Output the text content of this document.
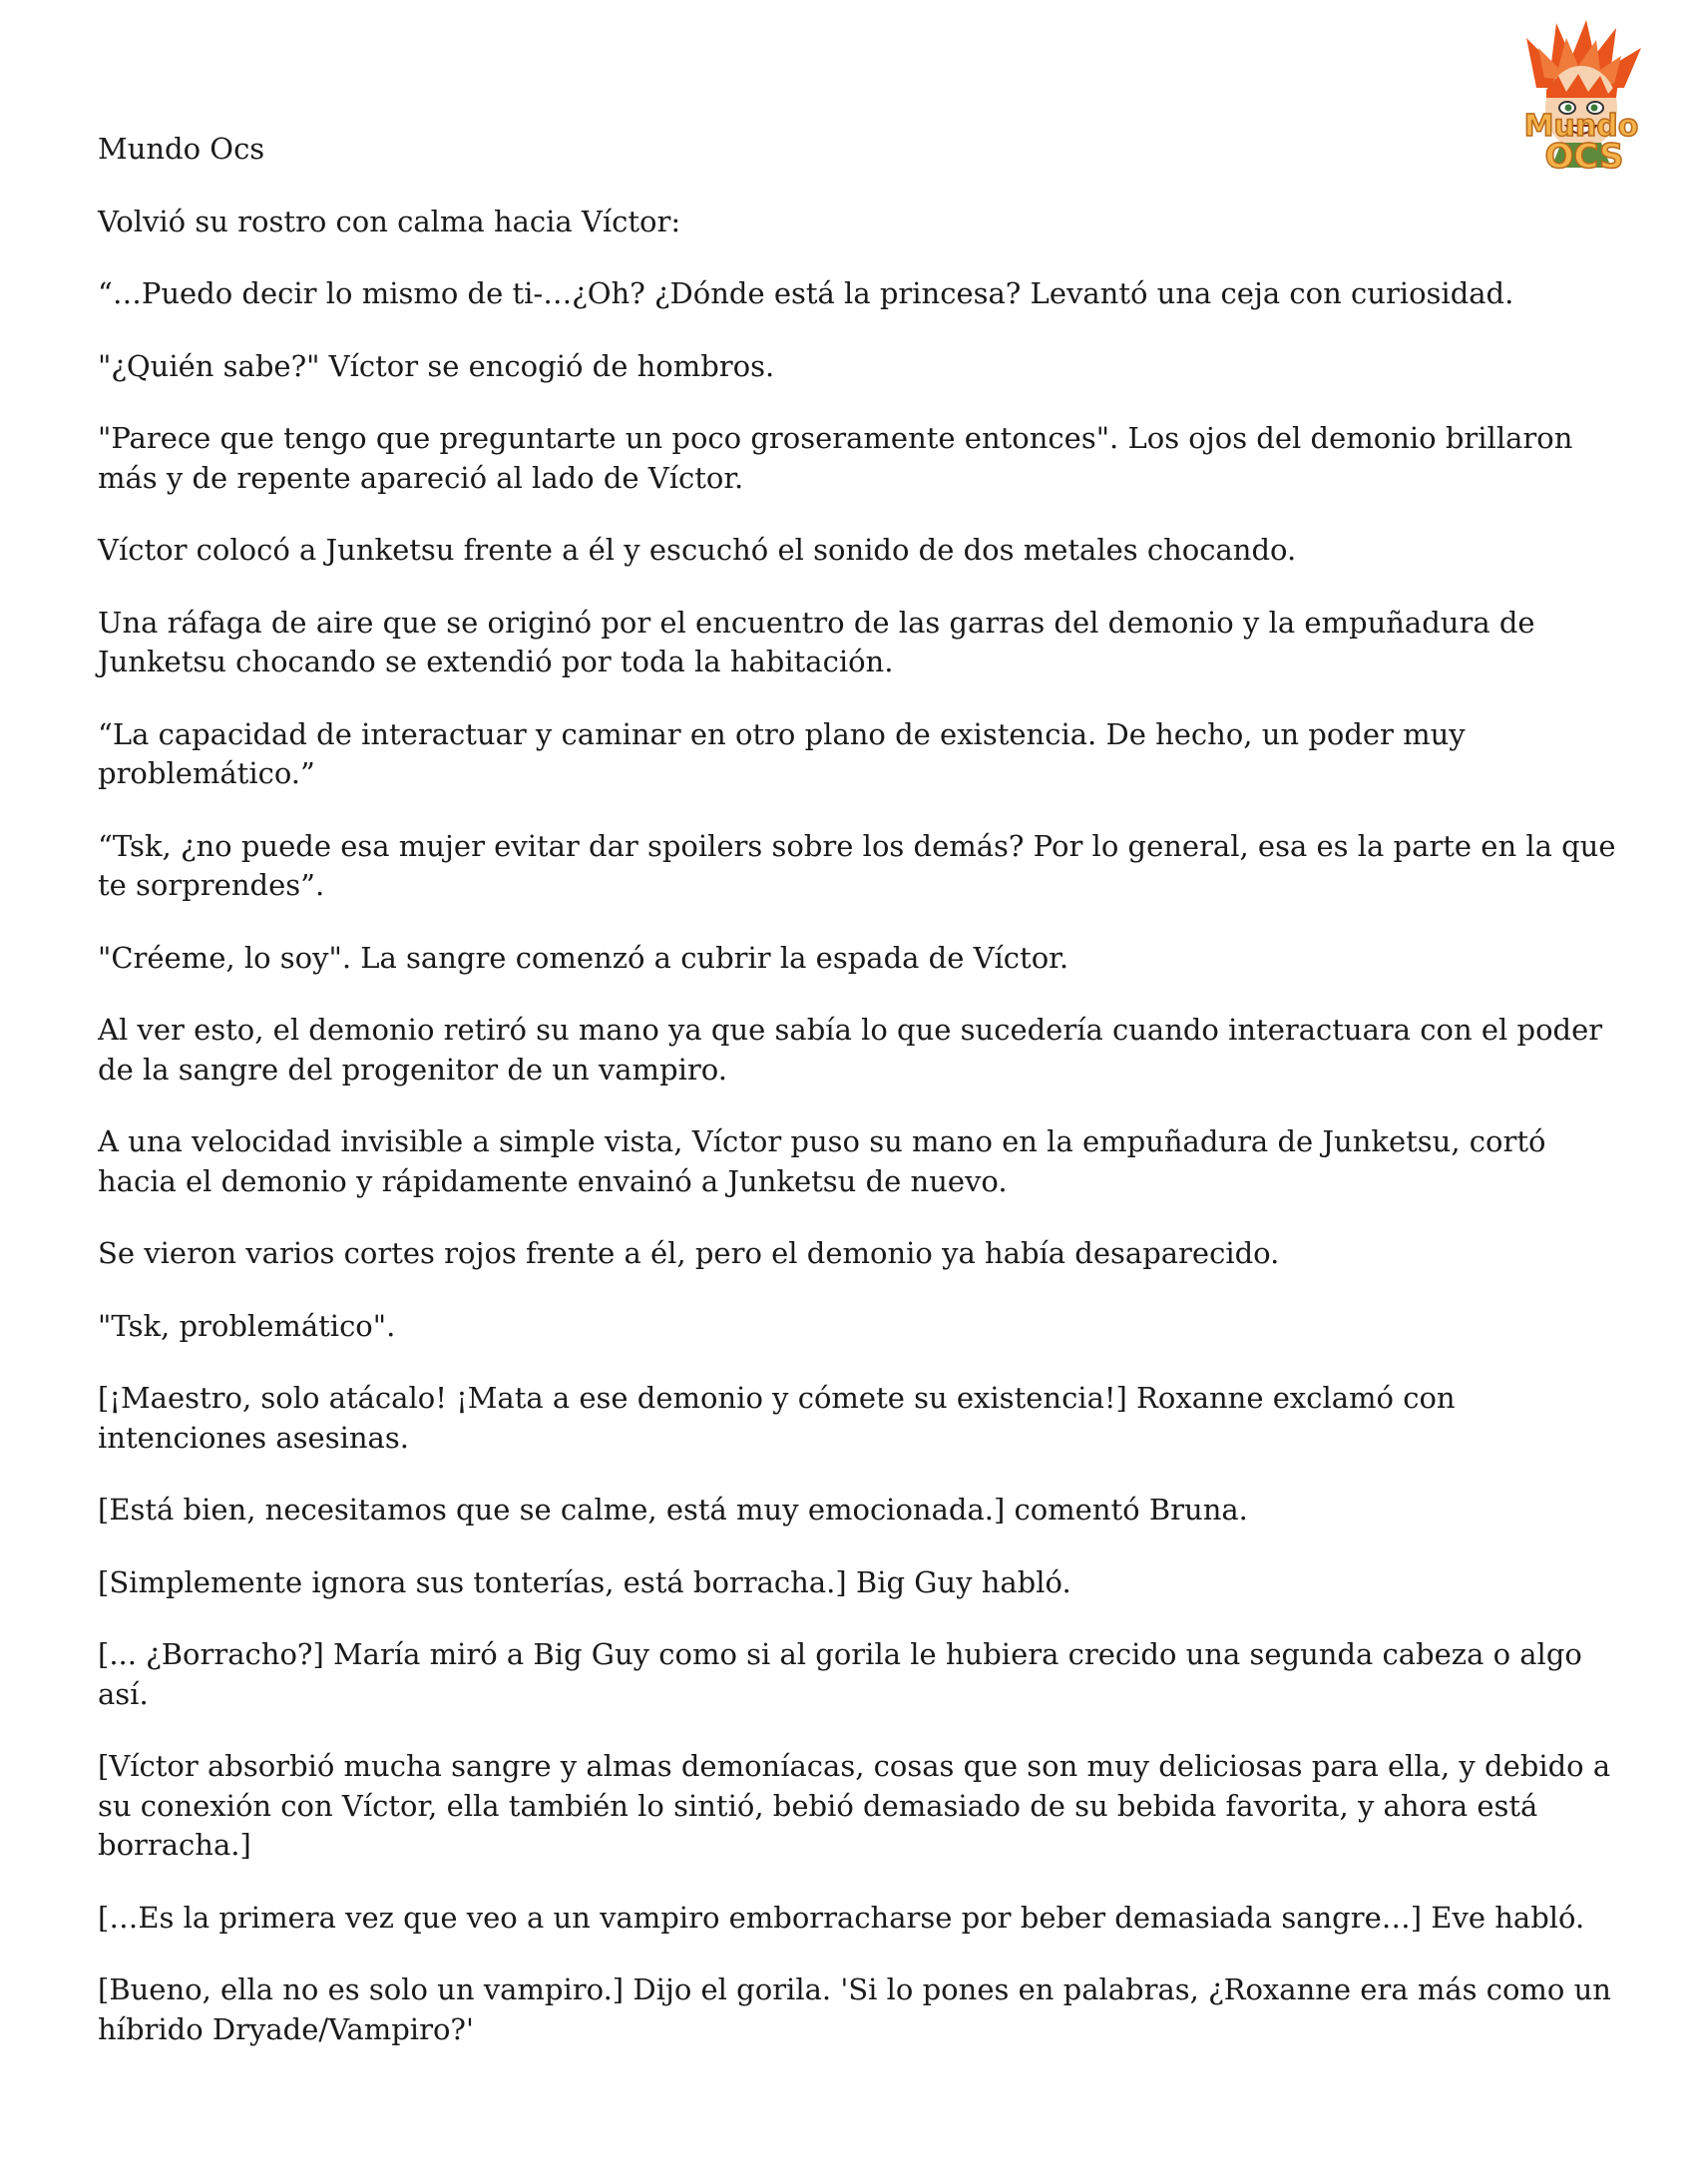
Mundo
OCS

Mundo Ocs

Volvió su rostro con calma hacia Víctor:

“…Puedo decir lo mismo de ti-…¿Oh? ¿Dónde está la princesa? Levantó una ceja con curiosidad.

"¿Quién sabe?" Víctor se encogió de hombros.

"Parece que tengo que preguntarte un poco groseramente entonces". Los ojos del demonio brillaron más y de repente apareció al lado de Víctor.

Víctor colocó a Junketsu frente a él y escuchó el sonido de dos metales chocando.

Una ráfaga de aire que se originó por el encuentro de las garras del demonio y la empuñadura de Junketsu chocando se extendió por toda la habitación.

“La capacidad de interactuar y caminar en otro plano de existencia. De hecho, un poder muy problemático.”

“Tsk, ¿no puede esa mujer evitar dar spoilers sobre los demás? Por lo general, esa es la parte en la que te sorprendes”.

"Créeme, lo soy". La sangre comenzó a cubrir la espada de Víctor.

Al ver esto, el demonio retiró su mano ya que sabía lo que sucedería cuando interactuara con el poder de la sangre del progenitor de un vampiro.

A una velocidad invisible a simple vista, Víctor puso su mano en la empuñadura de Junketsu, cortó hacia el demonio y rápidamente envainó a Junketsu de nuevo.

Se vieron varios cortes rojos frente a él, pero el demonio ya había desaparecido.

"Tsk, problemático".

[¡Maestro, solo atácalo! ¡Mata a ese demonio y cómete su existencia!] Roxanne exclamó con intenciones asesinas.

[Está bien, necesitamos que se calme, está muy emocionada.] comentó Bruna.

[Simplemente ignora sus tonterías, está borracha.] Big Guy habló.

[... ¿Borracho?] María miró a Big Guy como si al gorila le hubiera crecido una segunda cabeza o algo así.

[Víctor absorbió mucha sangre y almas demoníacas, cosas que son muy deliciosas para ella, y debido a su conexión con Víctor, ella también lo sintió, bebió demasiado de su bebida favorita, y ahora está borracha.]

[…Es la primera vez que veo a un vampiro emborracharse por beber demasiada sangre…] Eve habló.

[Bueno, ella no es solo un vampiro.] Dijo el gorila. 'Si lo pones en palabras, ¿Roxanne era más como un híbrido Dryade/Vampiro?'
